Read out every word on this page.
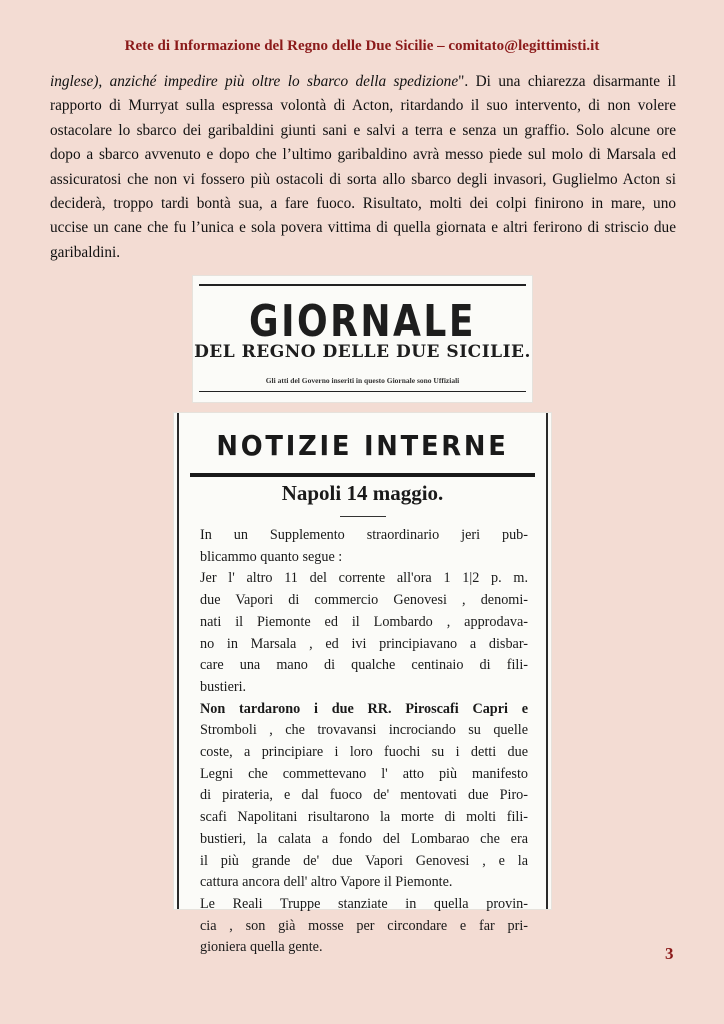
Rete di Informazione del Regno delle Due Sicilie – comitato@legittimisti.it
inglese), anziché impedire più oltre lo sbarco della spedizione". Di una chiarezza disarmante il
rapporto di Murryat sulla espressa volontà di Acton, ritardando il suo intervento, di non volere
ostacolare lo sbarco dei garibaldini giunti sani e salvi a terra e senza un graffio. Solo alcune ore
dopo a sbarco avvenuto e dopo che l’ultimo garibaldino avrà messo piede sul molo di Marsala ed
assicuratosi che non vi fossero più ostacoli di sorta allo sbarco degli invasori, Guglielmo Acton si
deciderà, troppo tardi bontà sua, a fare fuoco. Risultato, molti dei colpi finirono in mare, uno
uccise un cane che fu l’unica e sola povera vittima di quella giornata e altri ferirono di striscio due
garibaldini.
GIORNALE
DEL REGNO DELLE DUE SICILIE.
Gli atti del Governo inseriti in questo Giornale sono Uffiziali
NOTIZIE INTERNE
Napoli 14 maggio.
In un Supplemento straordinario jeri pub-
blicammo quanto segue :
Jer l' altro 11 del corrente all'ora 1 1|2 p. m.
due Vapori di commercio Genovesi , denomi-
nati il Piemonte ed il Lombardo , approdava-
no in Marsala , ed ivi principiavano a disbar-
care una mano di qualche centinaio di fili-
bustieri.
Non tardarono i due RR. Piroscafi Capri e
Stromboli , che trovavansi incrociando su quelle
coste, a principiare i loro fuochi su i detti due
Legni che commettevano l' atto più manifesto
di pirateria, e dal fuoco de' mentovati due Piro-
scafi Napolitani risultarono la morte di molti fili-
bustieri, la calata a fondo del Lombarao che era
il più grande de' due Vapori Genovesi , e la
cattura ancora dell' altro Vapore il Piemonte.
Le Reali Truppe stanziate in quella provin-
cia , son già mosse per circondare e far pri-
gioniera quella gente.	3
